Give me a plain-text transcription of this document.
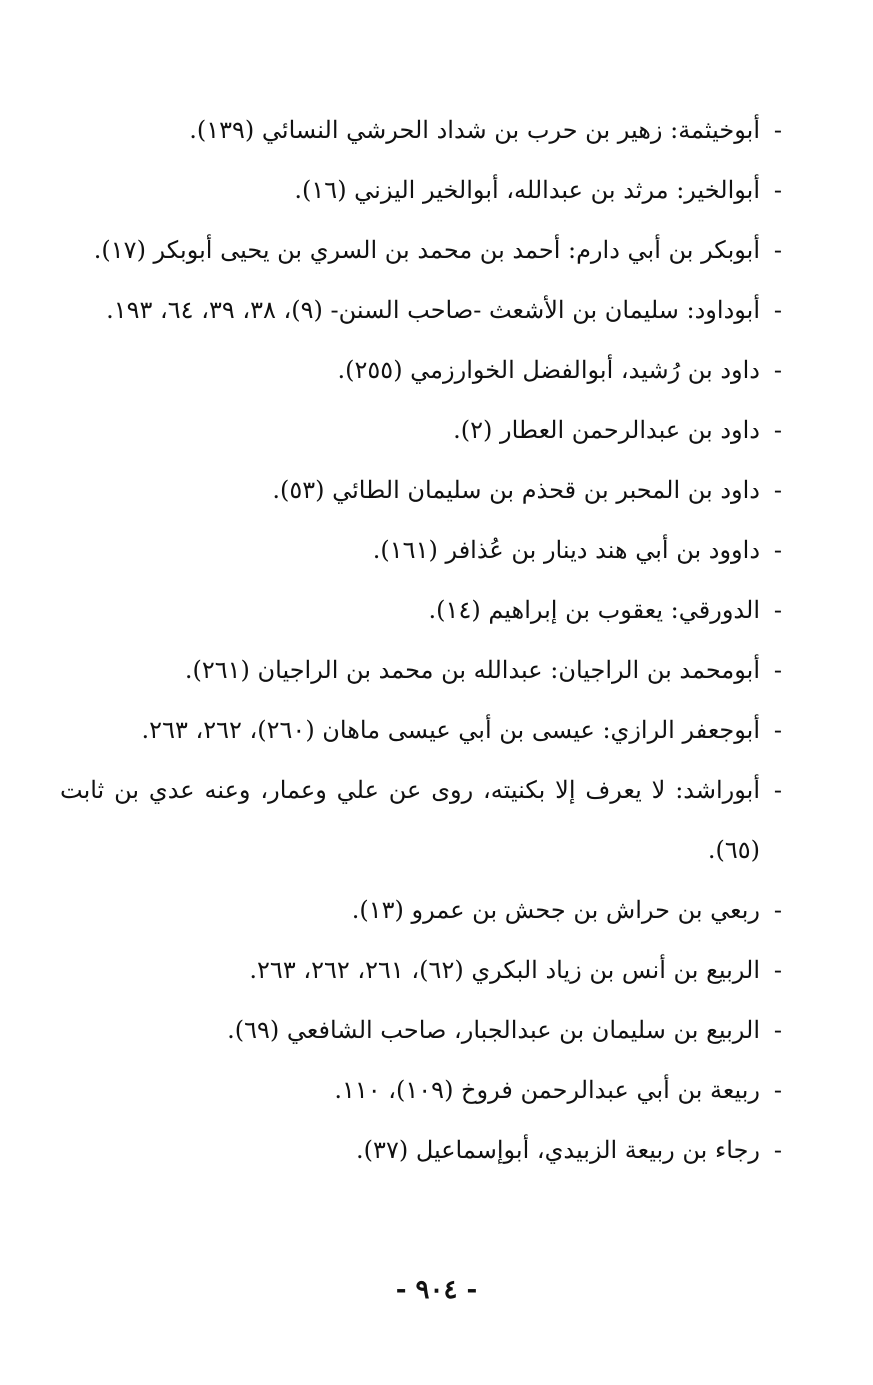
-أبوخيثمة: زهير بن حرب بن شداد الحرشي النسائي (١٣٩).

-أبوالخير: مرثد بن عبدالله، أبوالخير اليزني (١٦).

-أبوبكر بن أبي دارم: أحمد بن محمد بن السري بن يحيى أبوبكر (١٧).

-أبوداود: سليمان بن الأشعث -صاحب السنن- (٩)، ٣٨، ٣٩، ٦٤، ١٩٣.

-داود بن رُشيد، أبوالفضل الخوارزمي (٢٥٥).

-داود بن عبدالرحمن العطار (٢).

-داود بن المحبر بن قحذم بن سليمان الطائي (٥٣).

-داوود بن أبي هند دينار بن عُذافر (١٦١).

-الدورقي: يعقوب بن إبراهيم (١٤).

-أبومحمد بن الراجيان: عبدالله بن محمد بن الراجيان (٢٦١).

-أبوجعفر الرازي: عيسى بن أبي عيسى ماهان (٢٦٠)، ٢٦٢، ٢٦٣.

-أبوراشد: لا يعرف إلا بكنيته، روى عن علي وعمار، وعنه عدي بن ثابت (٦٥).

-ربعي بن حراش بن جحش بن عمرو (١٣).

-الربيع بن أنس بن زياد البكري (٦٢)، ٢٦١، ٢٦٢، ٢٦٣.

-الربيع بن سليمان بن عبدالجبار، صاحب الشافعي (٦٩).

-ربيعة بن أبي عبدالرحمن فروخ (١٠٩)، ١١٠.

-رجاء بن ربيعة الزبيدي، أبوإسماعيل (٣٧).

- ٩٠٤ -
